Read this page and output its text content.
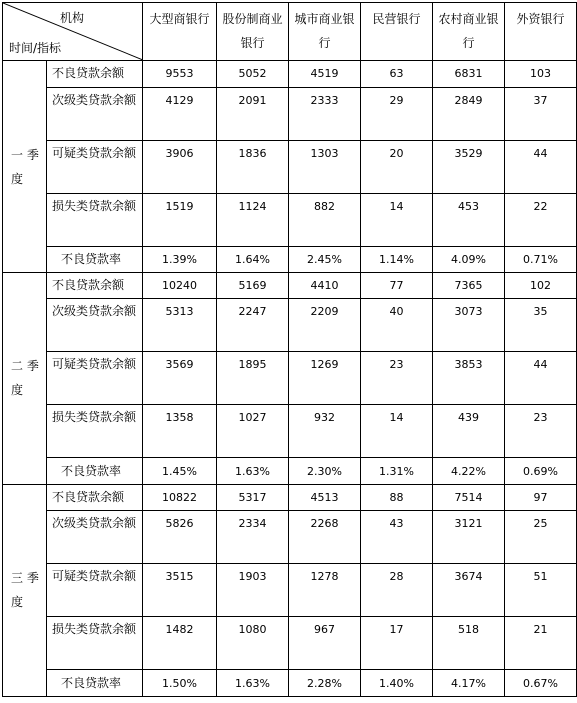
机构
时间/指标		大型商银行	股份制商业银行	城市商业银行	民营银行	农村商业银行	外资银行
一 季 度	不良贷款余额	9553	5052	4519	63	6831	103
	次级类贷款余额	4129	2091	2333	29	2849	37
	可疑类贷款余额	3906	1836	1303	20	3529	44
	损失类贷款余额	1519	1124	882	14	453	22
	不良贷款率	1.39%	1.64%	2.45%	1.14%	4.09%	0.71%
二 季 度	不良贷款余额	10240	5169	4410	77	7365	102
	次级类贷款余额	5313	2247	2209	40	3073	35
	可疑类贷款余额	3569	1895	1269	23	3853	44
	损失类贷款余额	1358	1027	932	14	439	23
	不良贷款率	1.45%	1.63%	2.30%	1.31%	4.22%	0.69%
三 季 度	不良贷款余额	10822	5317	4513	88	7514	97
	次级类贷款余额	5826	2334	2268	43	3121	25
	可疑类贷款余额	3515	1903	1278	28	3674	51
	损失类贷款余额	1482	1080	967	17	518	21
	不良贷款率	1.50%	1.63%	2.28%	1.40%	4.17%	0.67%
